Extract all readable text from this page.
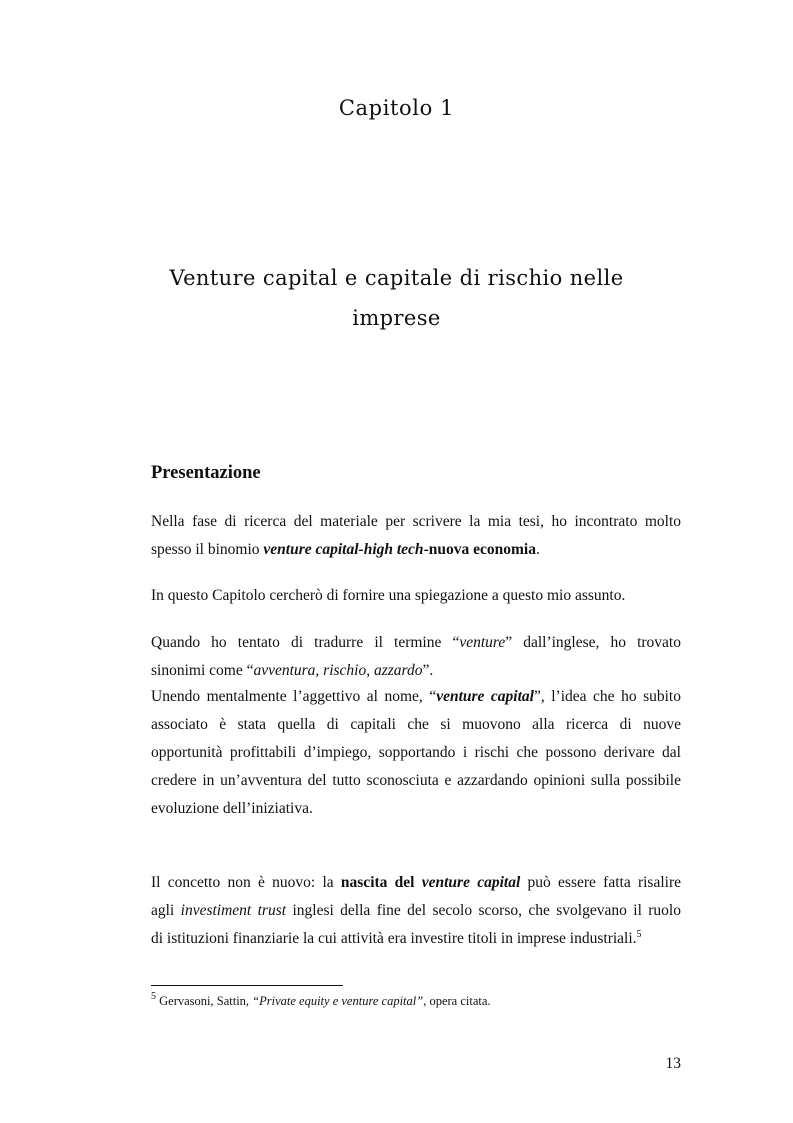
Capitolo 1
Venture capital e capitale di rischio nelle
imprese
Presentazione
Nella fase di ricerca del materiale per scrivere la mia tesi, ho incontrato molto
spesso il binomio venture capital-high tech-nuova economia.
In questo Capitolo cercherò di fornire una spiegazione a questo mio assunto.
Quando ho tentato di tradurre il termine “venture” dall’inglese, ho trovato
sinonimi come “avventura, rischio, azzardo”.
Unendo mentalmente l’aggettivo al nome, “venture capital”, l’idea che ho subito
associato è stata quella di capitali che si muovono alla ricerca di nuove
opportunità profittabili d’impiego, sopportando i rischi che possono derivare dal
credere in un’avventura del tutto sconosciuta e azzardando opinioni sulla possibile
evoluzione dell’iniziativa.
Il concetto non è nuovo: la nascita del venture capital può essere fatta risalire
agli investiment trust inglesi della fine del secolo scorso, che svolgevano il ruolo
di istituzioni finanziarie la cui attività era investire titoli in imprese industriali.$^5$
$^5$ Gervasoni, Sattin, “Private equity e venture capital”, opera citata.
13
